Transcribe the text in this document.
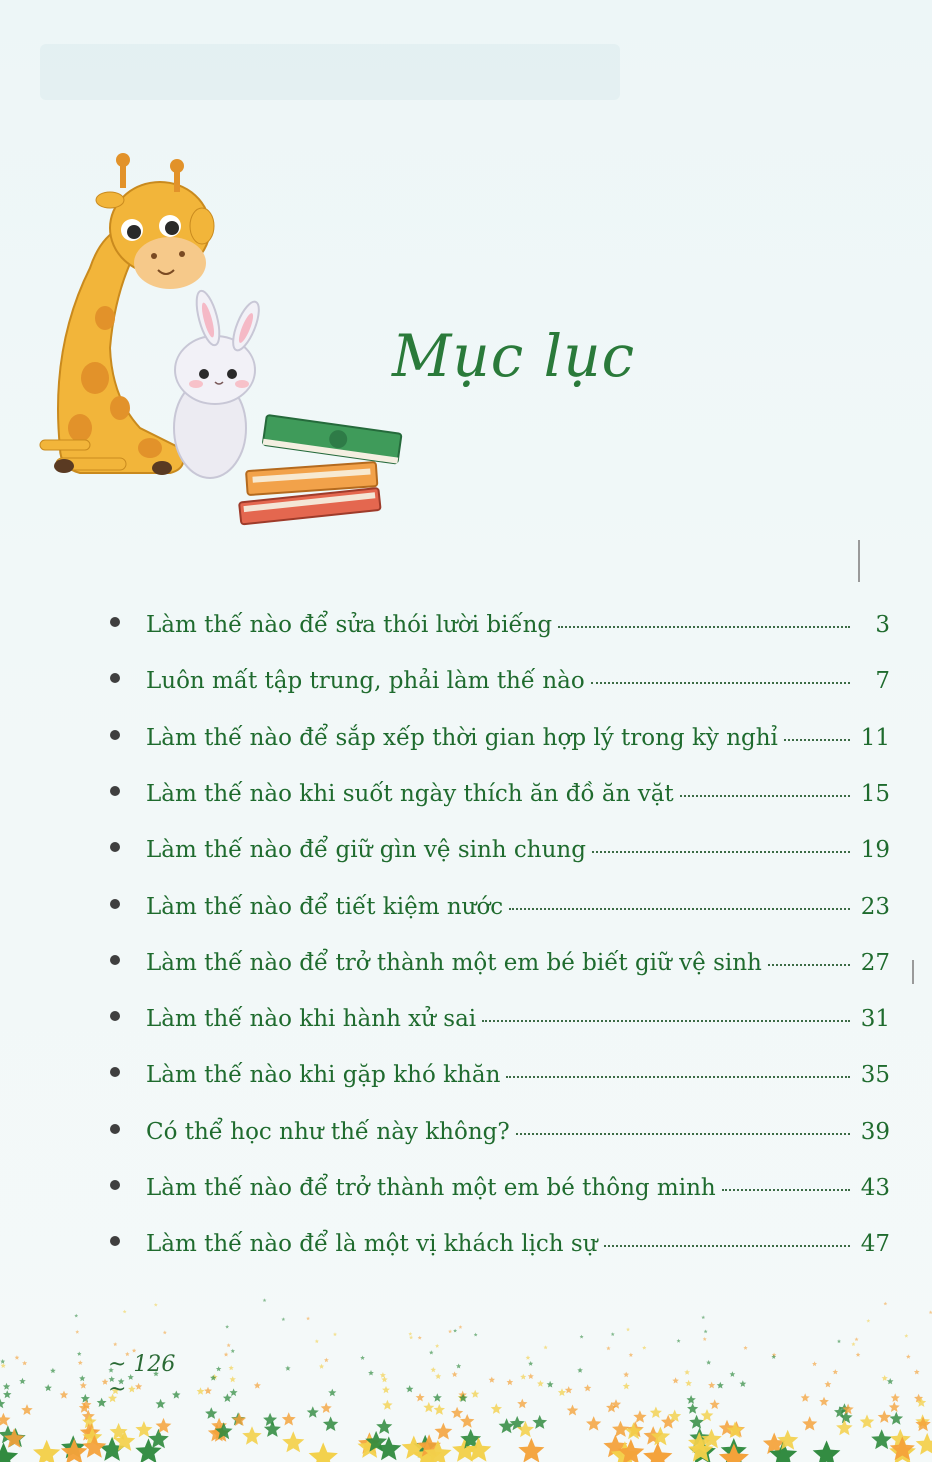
Mục lục
Làm thế nào để sửa thói lười biếng	3
Luôn mất tập trung, phải làm thế nào	7
Làm thế nào để sắp xếp thời gian hợp lý trong kỳ nghỉ	11
Làm thế nào khi suốt ngày thích ăn đồ ăn vặt	15
Làm thế nào để giữ gìn vệ sinh chung	19
Làm thế nào để tiết kiệm nước	23
Làm thế nào để trở thành một em bé biết giữ vệ sinh	27
Làm thế nào khi hành xử sai	31
Làm thế nào khi gặp khó khăn	35
Có thể học như thế này không?	39
Làm thế nào để trở thành một em bé thông minh	43
Làm thế nào để là một vị khách lịch sự	47
~ 126 ~
